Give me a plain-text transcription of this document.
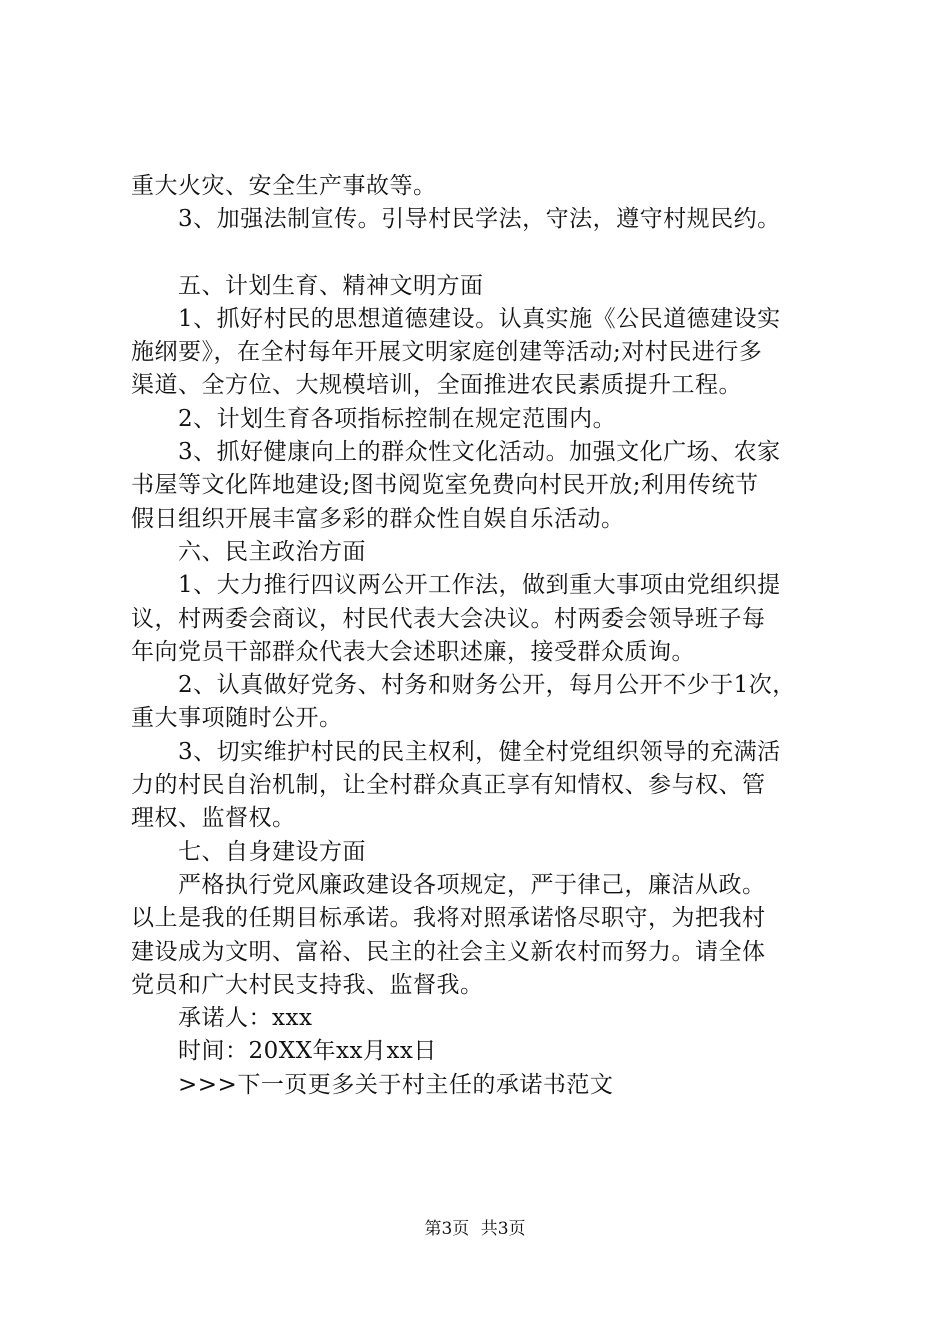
重大火灾、安全生产事故等。
3、加强法制宣传。引导村民学法，守法，遵守村规民约。
五、计划生育、精神文明方面
1、抓好村民的思想道德建设。认真实施《公民道德建设实
施纲要》，在全村每年开展文明家庭创建等活动;对村民进行多
渠道、全方位、大规模培训，全面推进农民素质提升工程。
2、计划生育各项指标控制在规定范围内。
3、抓好健康向上的群众性文化活动。加强文化广场、农家
书屋等文化阵地建设;图书阅览室免费向村民开放;利用传统节
假日组织开展丰富多彩的群众性自娱自乐活动。
六、民主政治方面
1、大力推行四议两公开工作法，做到重大事项由党组织提
议，村两委会商议，村民代表大会决议。村两委会领导班子每
年向党员干部群众代表大会述职述廉，接受群众质询。
2、认真做好党务、村务和财务公开，每月公开不少于1次，
重大事项随时公开。
3、切实维护村民的民主权利，健全村党组织领导的充满活
力的村民自治机制，让全村群众真正享有知情权、参与权、管
理权、监督权。
七、自身建设方面
严格执行党风廉政建设各项规定，严于律己，廉洁从政。
以上是我的任期目标承诺。我将对照承诺恪尽职守，为把我村
建设成为文明、富裕、民主的社会主义新农村而努力。请全体
党员和广大村民支持我、监督我。
承诺人：xxx
时间：20XX年xx月xx日
>>>下一页更多关于村主任的承诺书范文
第3页 共3页
